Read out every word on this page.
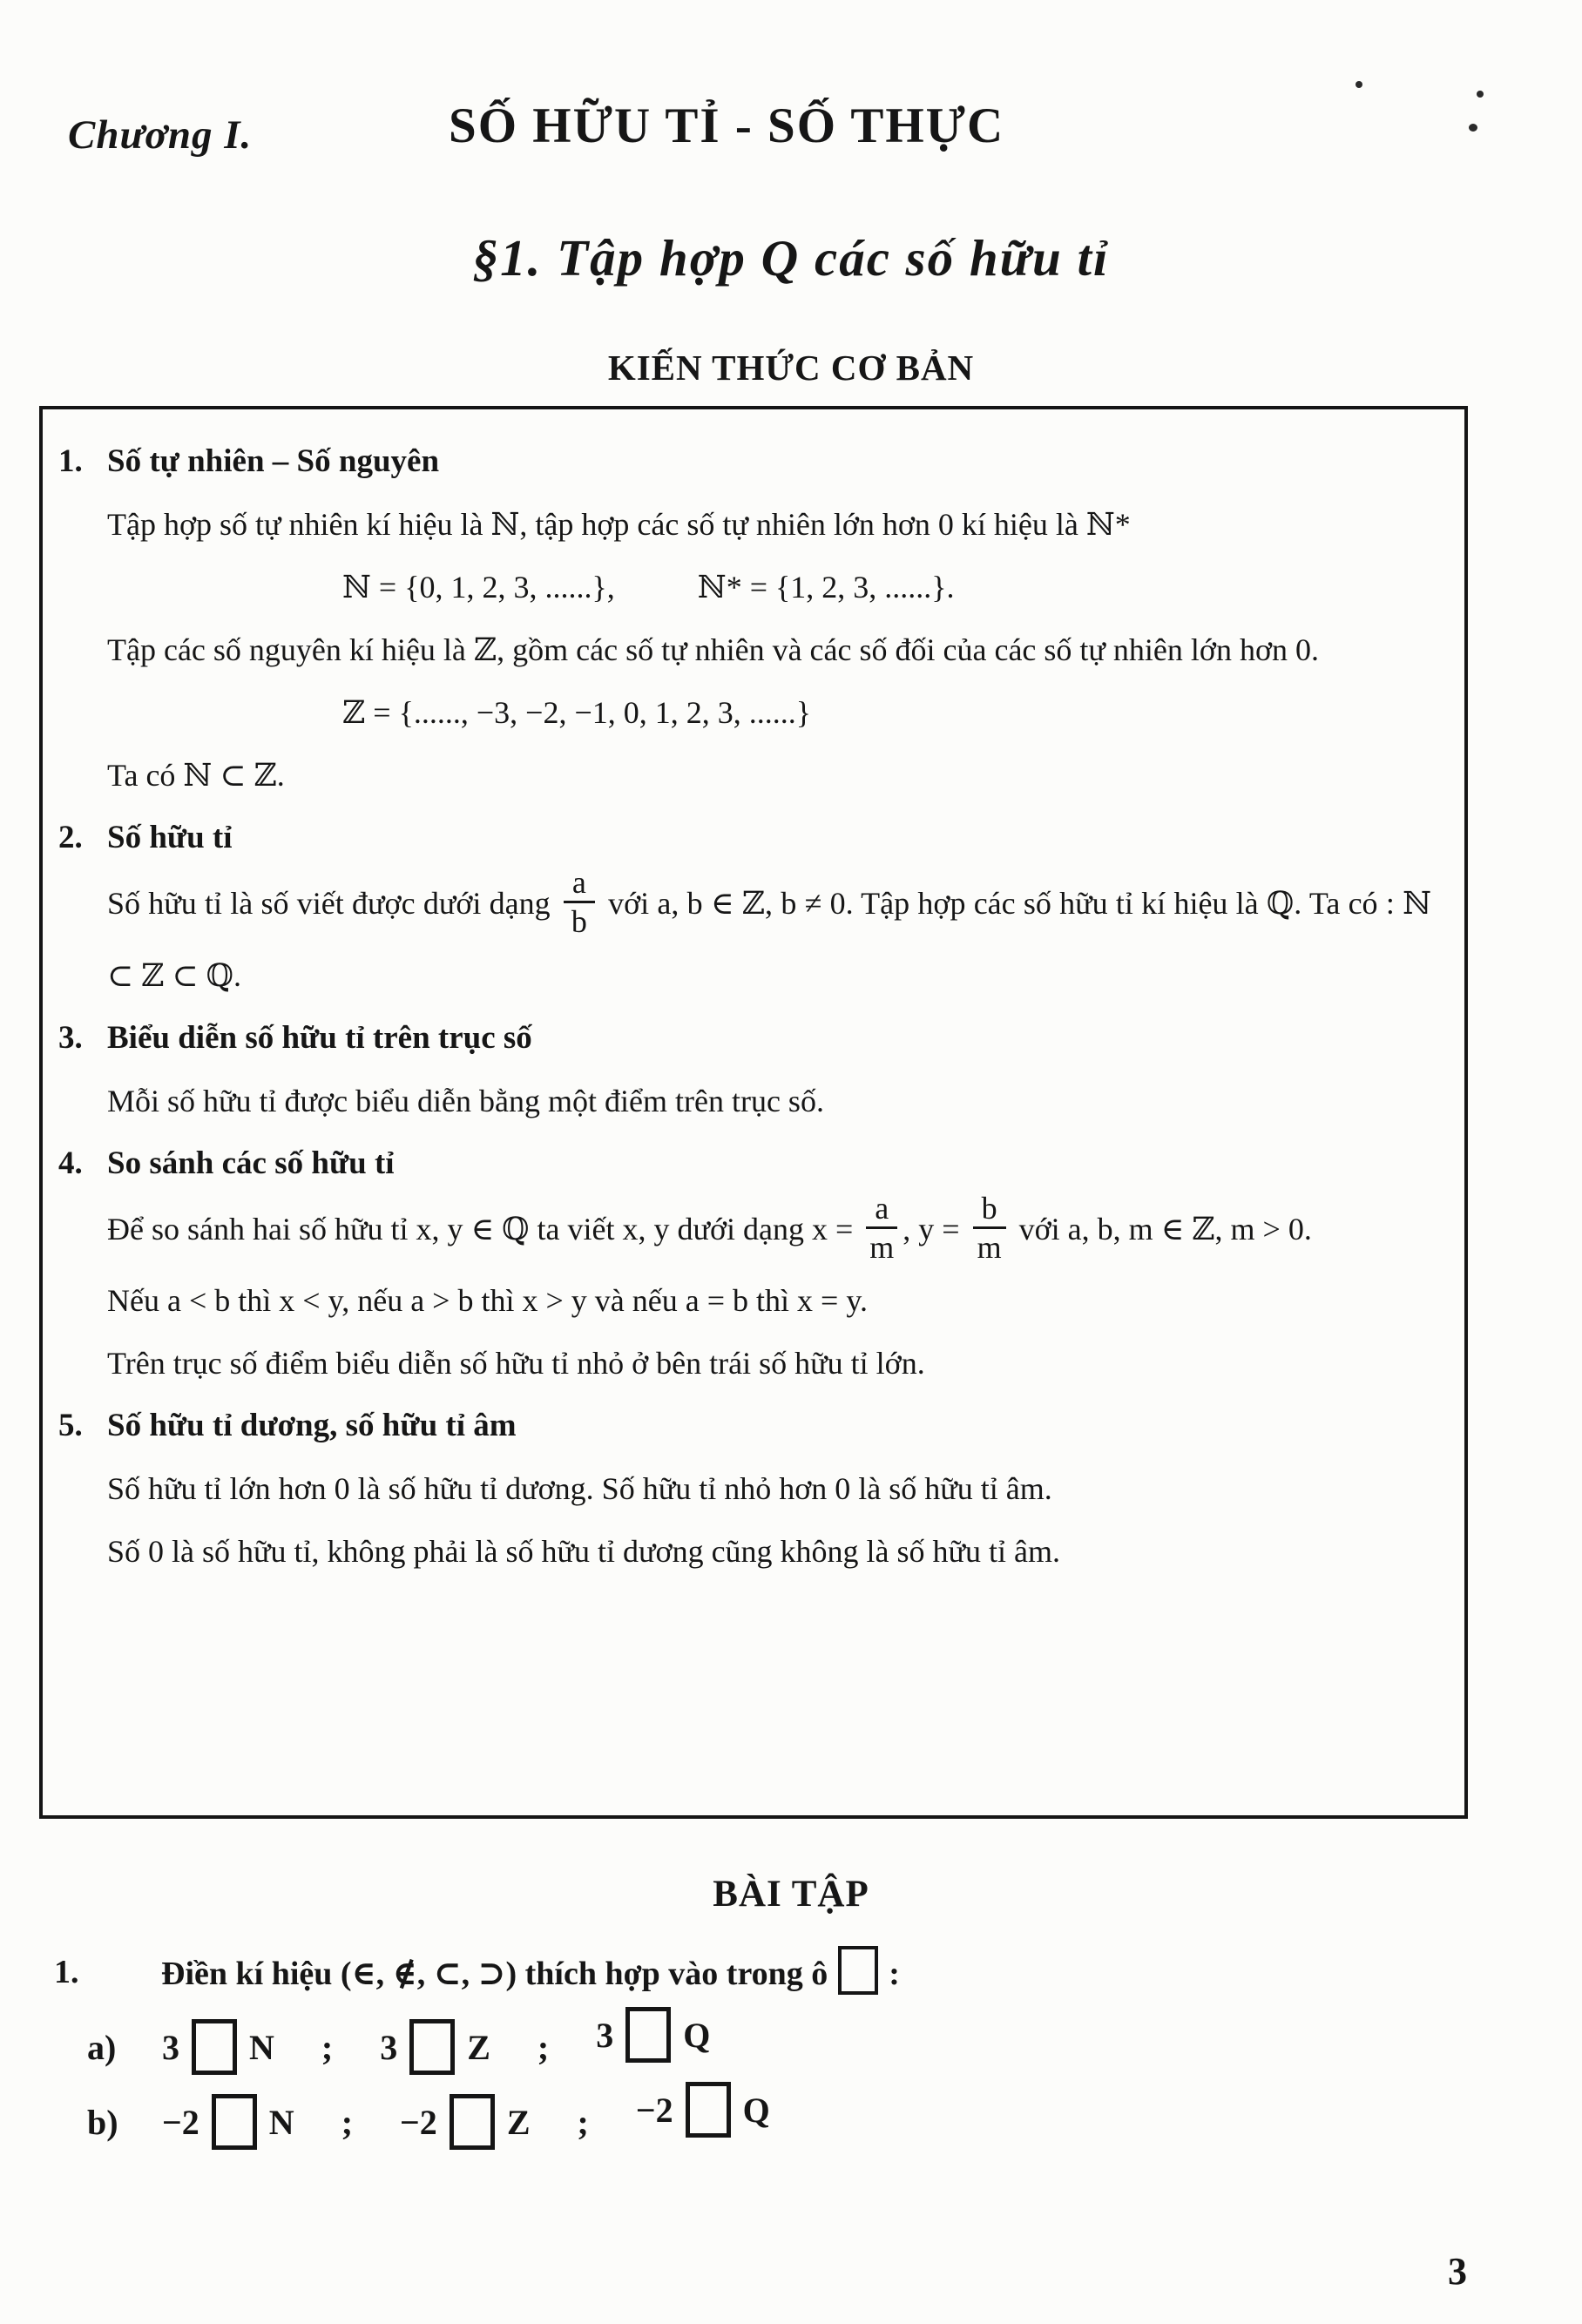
Chương I.	SỐ HỮU TỈ - SỐ THỰC
§1. Tập hợp Q các số hữu tỉ
KIẾN THỨC CƠ BẢN
1. Số tự nhiên – Số nguyên

Tập hợp số tự nhiên kí hiệu là ℕ, tập hợp các số tự nhiên lớn hơn 0 kí hiệu là ℕ*

ℕ = {0, 1, 2, 3, ......},	ℕ* = {1, 2, 3, ......}.

Tập các số nguyên kí hiệu là ℤ, gồm các số tự nhiên và các số đối của các số tự nhiên lớn hơn 0.

ℤ = {......, −3, −2, −1, 0, 1, 2, 3, ......}

Ta có ℕ ⊂ ℤ.

2. Số hữu tỉ

Số hữu tỉ là số viết được dưới dạng $\frac{a}{b}$ với a, b ∈ ℤ, b ≠ 0. Tập hợp các số hữu tỉ kí hiệu là ℚ. Ta có : ℕ ⊂ ℤ ⊂ ℚ.

3. Biểu diễn số hữu tỉ trên trục số

Mỗi số hữu tỉ được biểu diễn bằng một điểm trên trục số.

4. So sánh các số hữu tỉ

Để so sánh hai số hữu tỉ x, y ∈ ℚ ta viết x, y dưới dạng $x = \frac{a}{m}$ , $y = \frac{b}{m}$ với a, b, m ∈ ℤ, m > 0.

Nếu a < b thì x < y, nếu a > b thì x > y và nếu a = b thì x = y.

Trên trục số điểm biểu diễn số hữu tỉ nhỏ ở bên trái số hữu tỉ lớn.

5. Số hữu tỉ dương, số hữu tỉ âm

Số hữu tỉ lớn hơn 0 là số hữu tỉ dương. Số hữu tỉ nhỏ hơn 0 là số hữu tỉ âm.

Số 0 là số hữu tỉ, không phải là số hữu tỉ dương cũng không là số hữu tỉ âm.

BÀI TẬP
1.	Điền kí hiệu (∈, ∉, ⊂, ⊃) thích hợp vào trong ô :
a)	3 N ; 3 Z ; 3 Q
b)	−2 N ; −2 Z ; −2 Q
3
